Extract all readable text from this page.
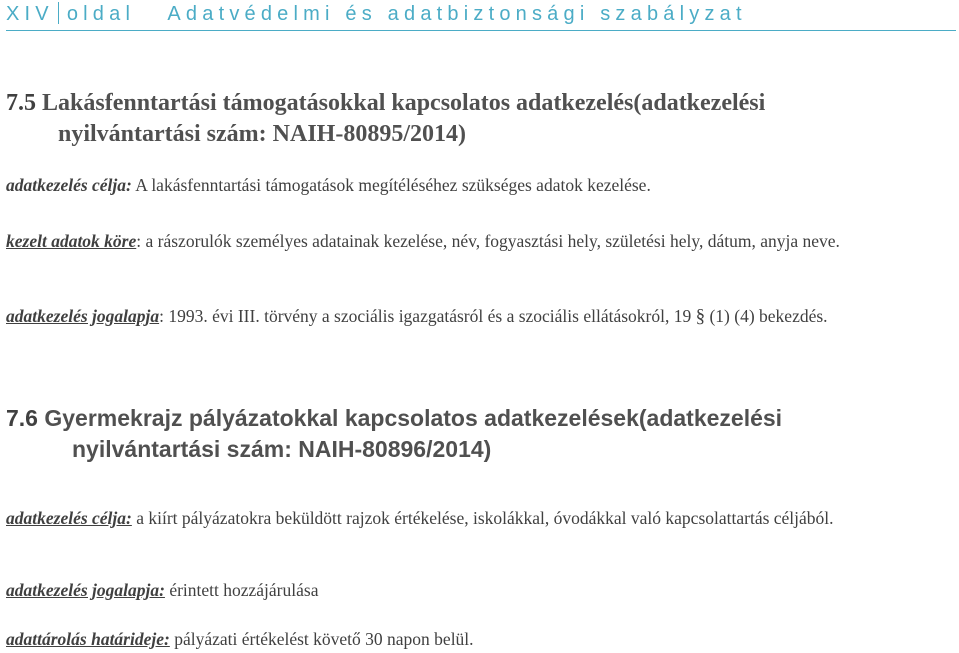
XIV oldal Adatvédelmi és adatbiztonsági szabályzat
7.5 Lakásfenntartási támogatásokkal kapcsolatos adatkezelés(adatkezelési
nyilvántartási szám: NAIH-80895/2014)
adatkezelés célja: A lakásfenntartási támogatások megítéléséhez szükséges adatok kezelése.
kezelt adatok köre: a rászorulók személyes adatainak kezelése, név, fogyasztási hely, születési hely, dátum, anyja neve.
adatkezelés jogalapja: 1993. évi III. törvény a szociális igazgatásról és a szociális ellátásokról, 19 § (1) (4) bekezdés.
7.6 Gyermekrajz pályázatokkal kapcsolatos adatkezelések(adatkezelési
nyilvántartási szám: NAIH-80896/2014)
adatkezelés célja: a kiírt pályázatokra beküldött rajzok értékelése, iskolákkal, óvodákkal való kapcsolattartás céljából.
adatkezelés jogalapja: érintett hozzájárulása
adattárolás határideje: pályázati értékelést követő 30 napon belül.
